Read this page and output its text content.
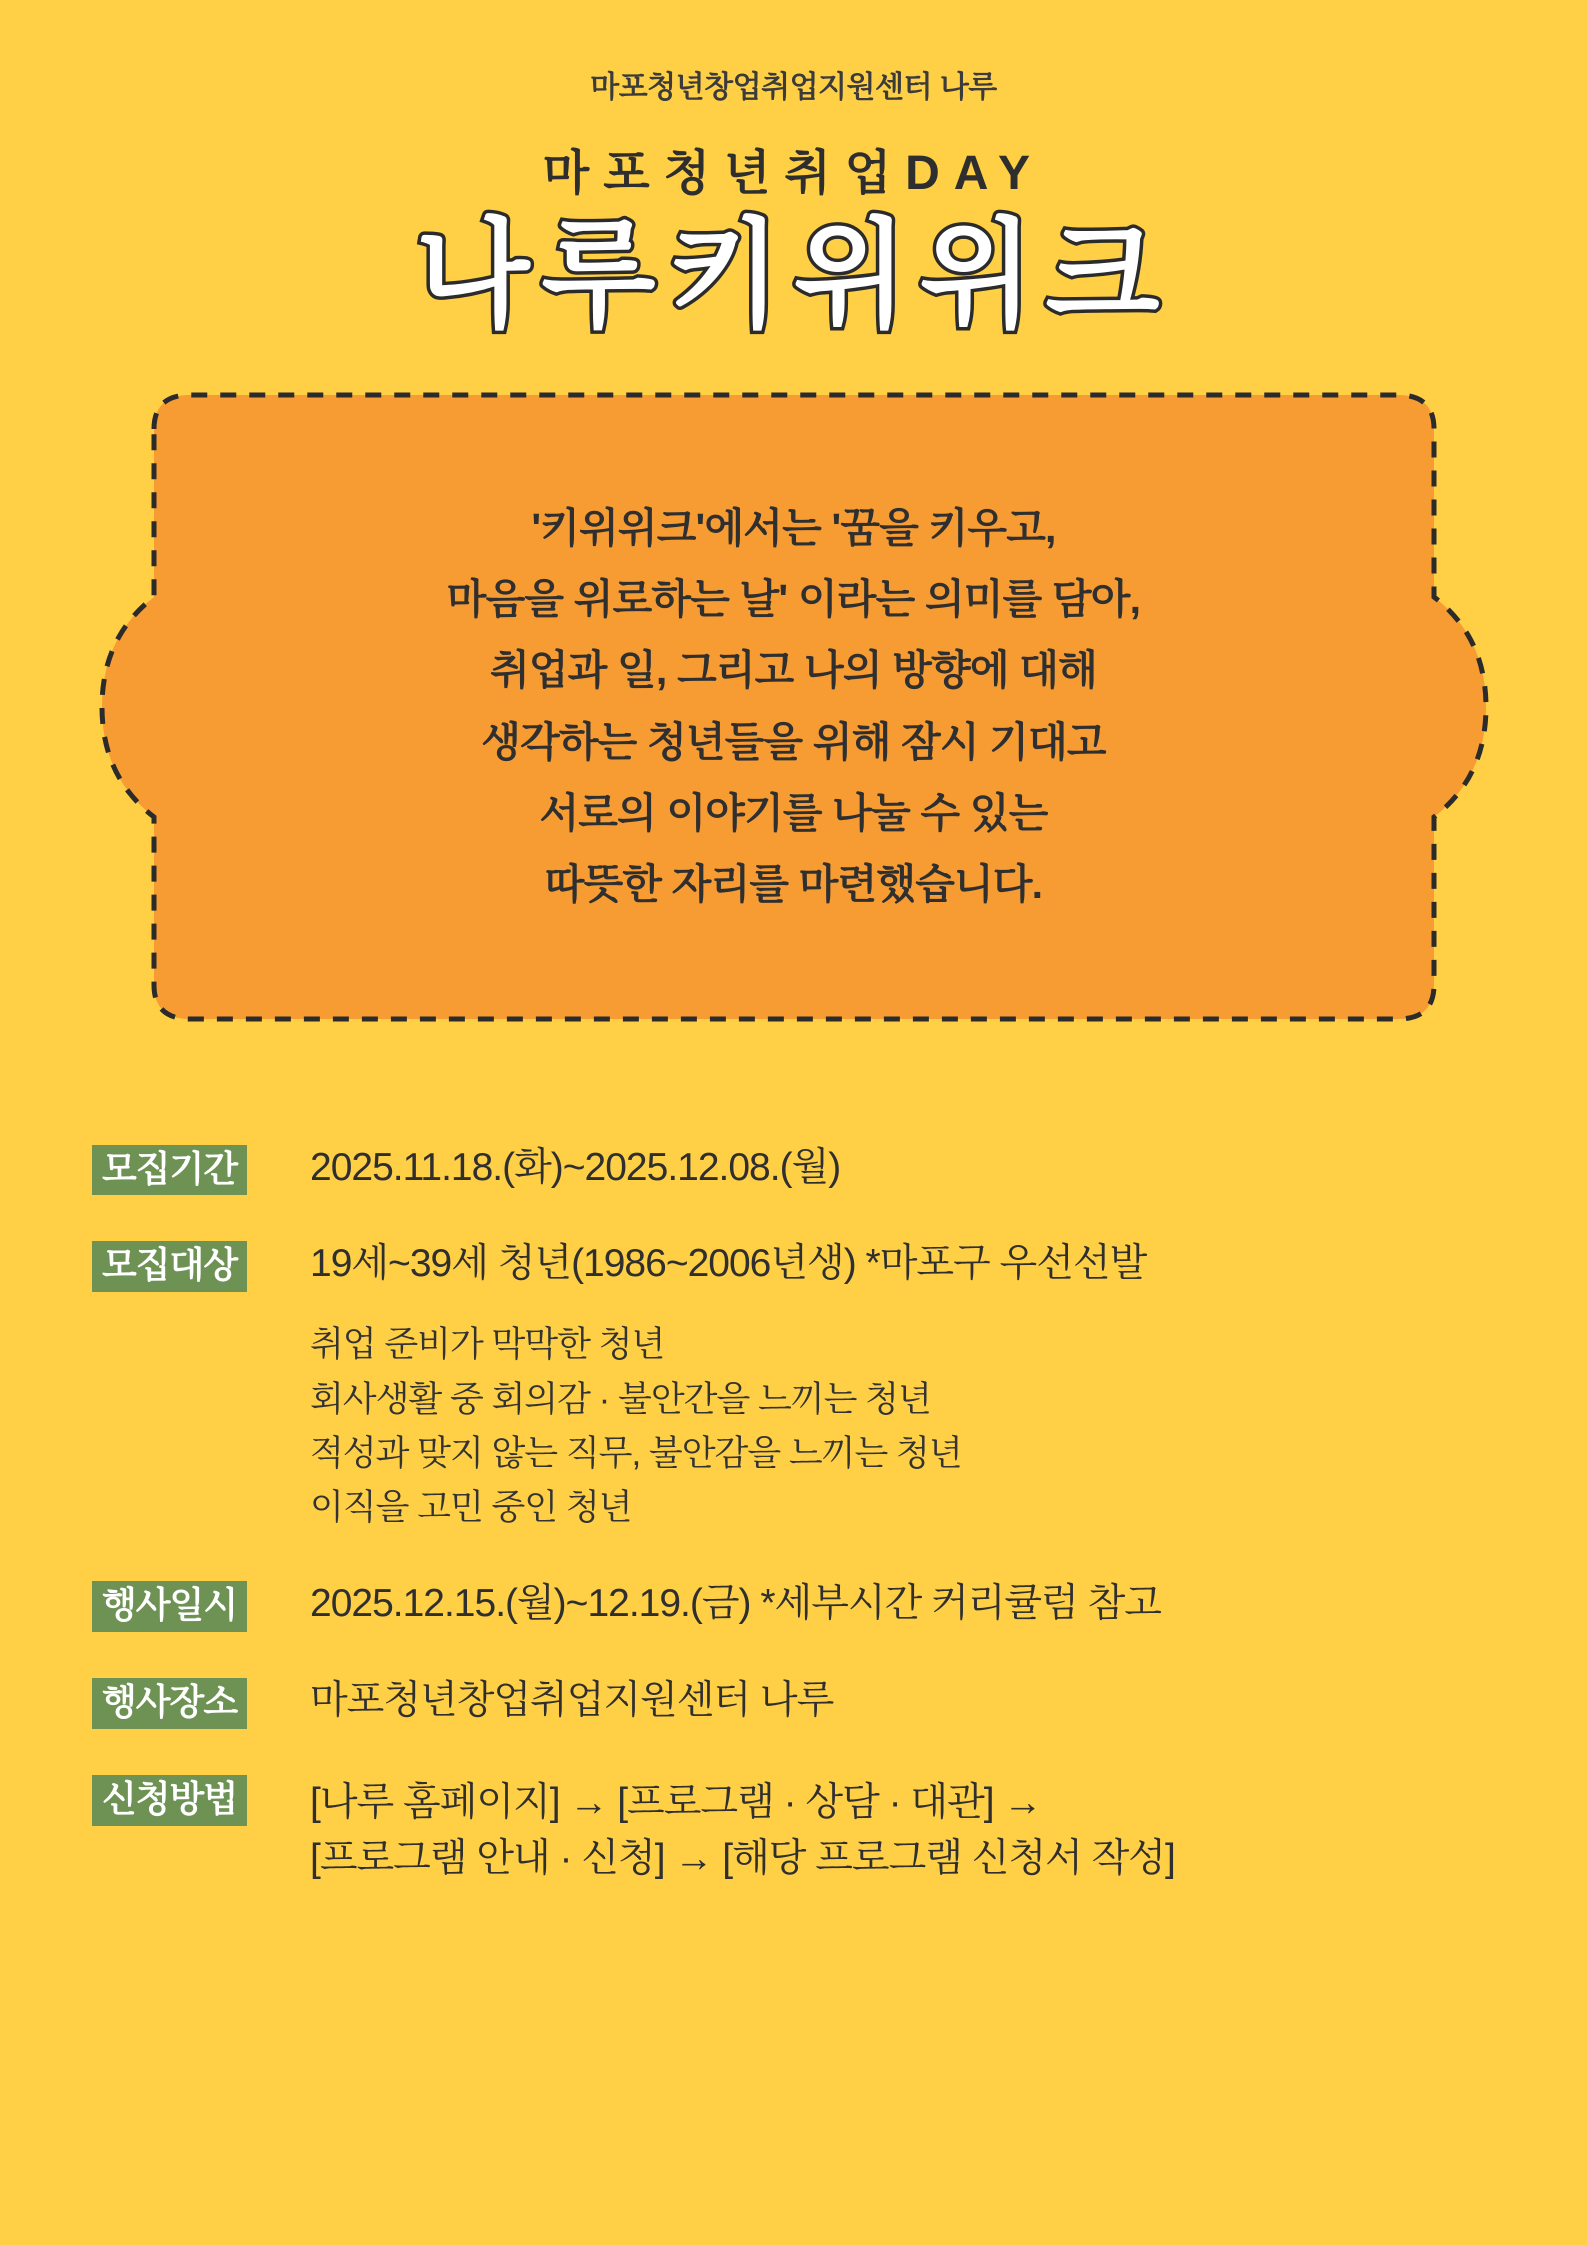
마포청년창업취업지원센터 나루
마포청년취업DAY
나루키위위크
'키위위크'에서는 '꿈을 키우고,
마음을 위로하는 날' 이라는 의미를 담아,
취업과 일, 그리고 나의 방향에 대해
생각하는 청년들을 위해 잠시 기대고
서로의 이야기를 나눌 수 있는
따뜻한 자리를 마련했습니다.
모집기간	2025.11.18.(화)~2025.12.08.(월)
모집대상	19세~39세 청년(1986~2006년생) *마포구 우선선발
취업 준비가 막막한 청년
회사생활 중 회의감 · 불안간을 느끼는 청년
적성과 맞지 않는 직무, 불안감을 느끼는 청년
이직을 고민 중인 청년
행사일시	2025.12.15.(월)~12.19.(금) *세부시간 커리큘럼 참고
행사장소	마포청년창업취업지원센터 나루
신청방법	[나루 홈페이지] → [프로그램 · 상담 · 대관] →
[프로그램 안내 · 신청] → [해당 프로그램 신청서 작성]
